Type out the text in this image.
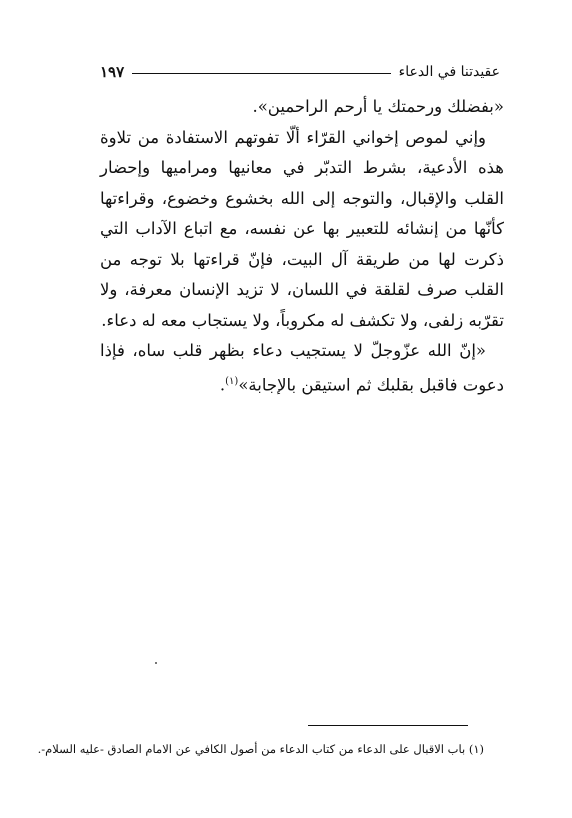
عقيدتنا في الدعاء
١٩٧

«بفضلك ورحمتك يا أرحم الراحمين».

وإني لموص إخواني القرّاء ألّا تفوتهم الاستفادة من تلاوة هذه الأدعية، بشرط التدبّر في معانيها ومراميها وإحضار القلب والإقبال، والتوجه إلى الله بخشوع وخضوع، وقراءتها كأنّها من إنشائه للتعبير بها عن نفسه، مع اتباع الآداب التي ذكرت لها من طريقة آل البيت، فإنّ قراءتها بلا توجه من القلب صرف لقلقة في اللسان، لا تزيد الإنسان معرفة، ولا تقرّبه زلفى، ولا تكشف له مكروباً، ولا يستجاب معه له دعاء.

«إنّ الله عزّوجلّ لا يستجيب دعاء بظهر قلب ساه، فإذا دعوت فاقبل بقلبك ثم استيقن بالإجابة»$^{(١)}$.

(١) باب الاقبال على الدعاء من كتاب الدعاء من أصول الكافي عن الامام الصادق -عليه السلام-.
